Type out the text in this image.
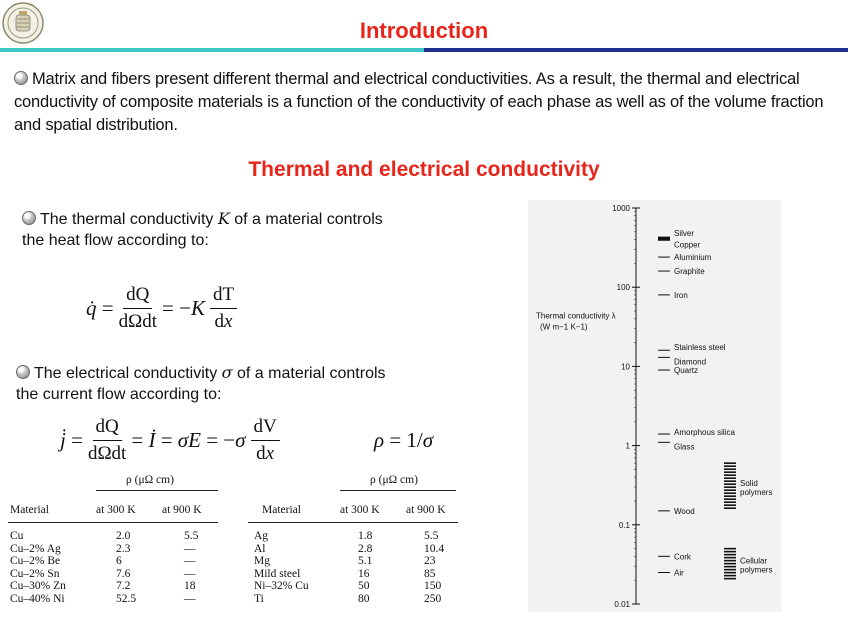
Introduction
Matrix and fibers present different thermal and electrical conductivities. As a result, the thermal and electrical conductivity of composite materials is a function of the conductivity of each phase as well as of the volume fraction and spatial distribution.
Thermal and electrical conductivity
The thermal conductivity K of a material controls the heat flow according to:
q̇ = $\frac{dQ}{\text{dΩdt}}$ = − K $\frac{dT}{dx}$
The electrical conductivity σ of a material controls the current flow according to:
j̇ = $\frac{dQ}{\text{dΩdt}}$ = İ = σE = − σ $\frac{dV}{dx}$	ρ = 1/ σ
ρ (μΩ cm)
Material	at 300 K at 900 K
Cu	2.0	5.5
Cu–2% Ag	2.3	—
Cu–2% Be	6	—
Cu–2% Sn	7.6	—
Cu–30% Zn	7.2	18
Cu–40% Ni	52.5	—
ρ (μΩ cm)
Material	at 300 K at 900 K
Ag	1.8	5.5
Al	2.8	10.4
Mg	5.1	23
Mild steel	16	85
Ni–32% Cu	50	150
Ti	80	250
1000
100
10
1
0.1
0.01
Thermal conductivity λ
(W m−1 K−1)
Silver
Copper
Aluminium
Graphite
Iron
Stainless steel
Diamond
Quartz
Amorphous silica
Glass
Wood
Cork
Air
Solid
polymers
Cellular
polymers
